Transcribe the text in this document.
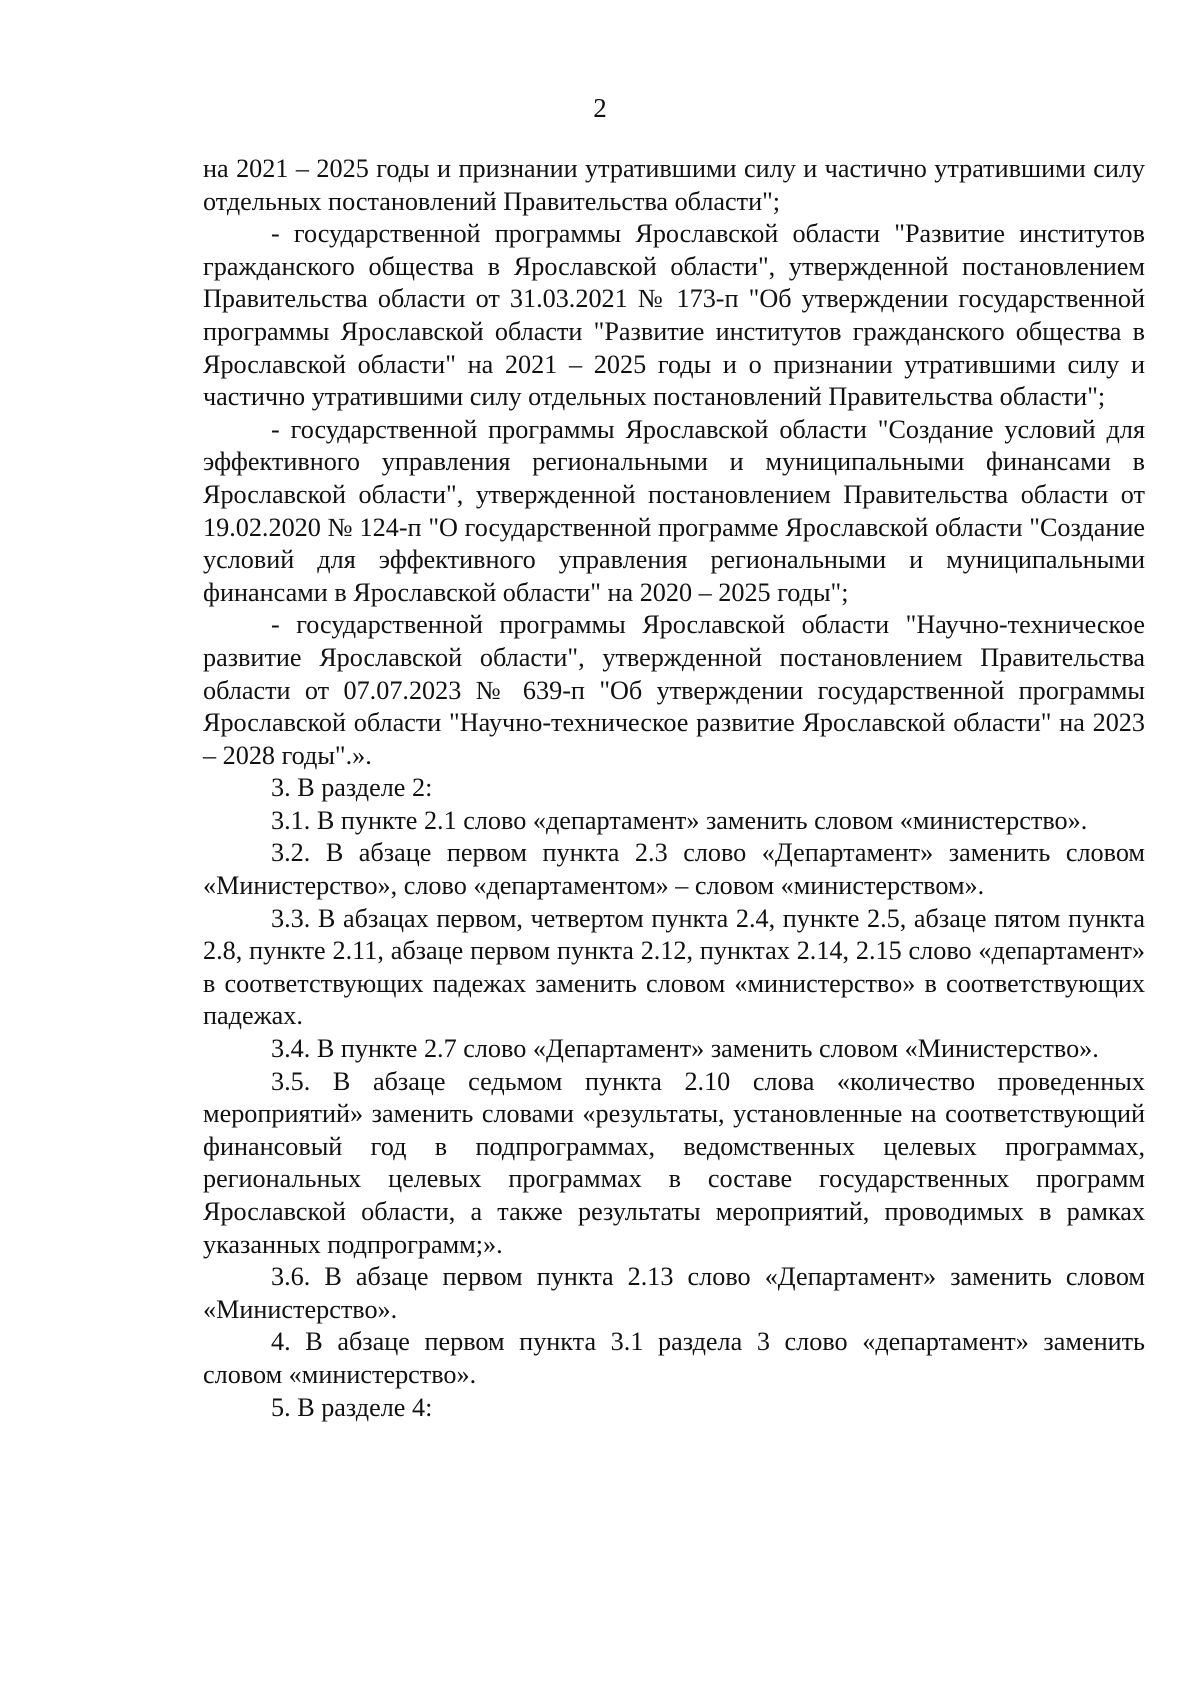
2

на 2021 – 2025 годы и признании утратившими силу и частично утратившими силу отдельных постановлений Правительства области";

- государственной программы Ярославской области "Развитие институтов гражданского общества в Ярославской области", утвержденной постановлением Правительства области от 31.03.2021 № 173-п "Об утверждении государственной программы Ярославской области "Развитие институтов гражданского общества в Ярославской области" на 2021 – 2025 годы и о признании утратившими силу и частично утратившими силу отдельных постановлений Правительства области";

- государственной программы Ярославской области "Создание условий для эффективного управления региональными и муниципальными финансами в Ярославской области", утвержденной постановлением Правительства области от 19.02.2020 № 124-п "О государственной программе Ярославской области "Создание условий для эффективного управления региональными и муниципальными финансами в Ярославской области" на 2020 – 2025 годы";

- государственной программы Ярославской области "Научно-техническое развитие Ярославской области", утвержденной постановлением Правительства области от 07.07.2023 № 639-п "Об утверждении государственной программы Ярославской области "Научно-техническое развитие Ярославской области" на 2023 – 2028 годы".».

3. В разделе 2:

3.1. В пункте 2.1 слово «департамент» заменить словом «министерство».

3.2. В абзаце первом пункта 2.3 слово «Департамент» заменить словом «Министерство», слово «департаментом» – словом «министерством».

3.3. В абзацах первом, четвертом пункта 2.4, пункте 2.5, абзаце пятом пункта 2.8, пункте 2.11, абзаце первом пункта 2.12, пунктах 2.14, 2.15 слово «департамент» в соответствующих падежах заменить словом «министерство» в соответствующих падежах.

3.4. В пункте 2.7 слово «Департамент» заменить словом «Министерство».

3.5. В абзаце седьмом пункта 2.10 слова «количество проведенных мероприятий» заменить словами «результаты, установленные на соответствующий финансовый год в подпрограммах, ведомственных целевых программах, региональных целевых программах в составе государственных программ Ярославской области, а также результаты мероприятий, проводимых в рамках указанных подпрограмм;».

3.6. В абзаце первом пункта 2.13 слово «Департамент» заменить словом «Министерство».

4. В абзаце первом пункта 3.1 раздела 3 слово «департамент» заменить словом «министерство».

5. В разделе 4:
